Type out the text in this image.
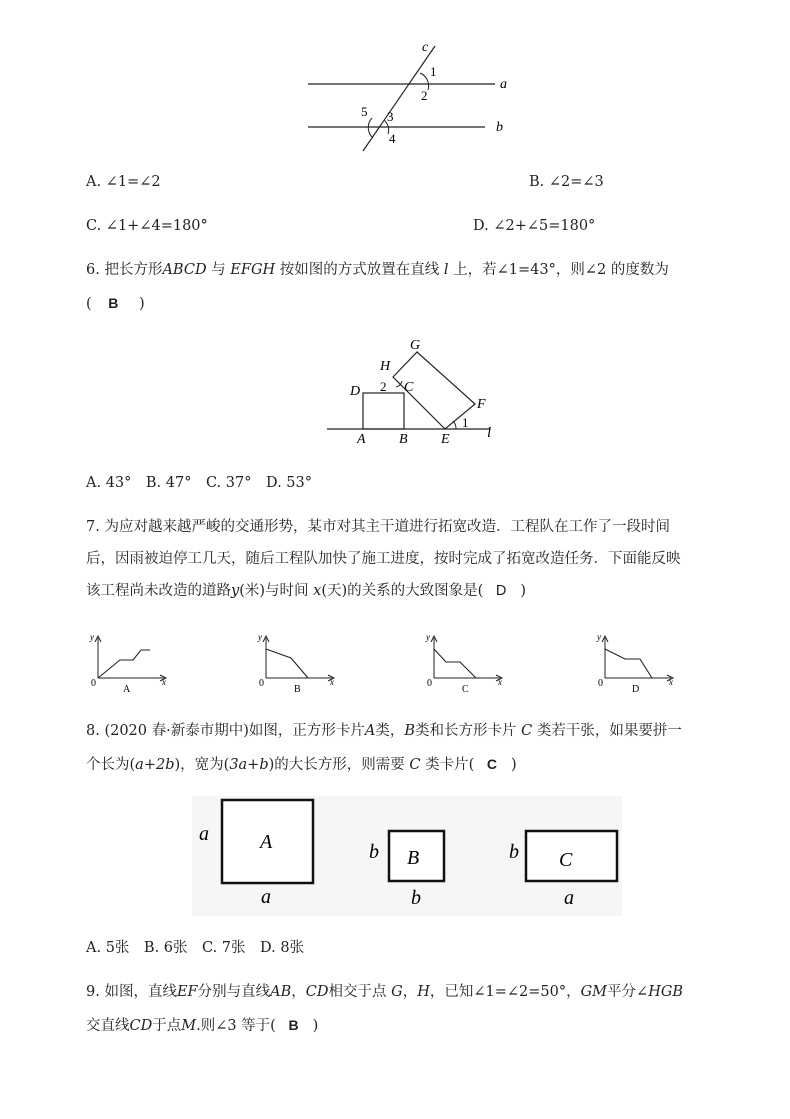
c
a
b
1
2
3
4
5
A. ∠1=∠2	B. ∠2=∠3
C. ∠1+∠4=180°	D. ∠2+∠5=180°
6. 把长方形ABCD 与 EFGH 按如图的方式放置在直线 l 上，若∠1=43°，则∠2 的度数为
( B )
G
H
D 2 C
F
1
A B E l
A. 43°　B. 47°　C. 37°　D. 53°
7. 为应对越来越严峻的交通形势，某市对其主干道进行拓宽改造．工程队在工作了一段时间
后，因雨被迫停工几天，随后工程队加快了施工进度，按时完成了拓宽改造任务．下面能反映
该工程尚未改造的道路y(米)与时间 x(天)的关系的大致图象是( D )
y
x
0
A
y
x
0
B
y
x
0
C
y
x
0
D
8. (2020 春·新泰市期中)如图，正方形卡片A类，B类和长方形卡片 C 类若干张，如果要拼一
个长为(a+2b)，宽为(3a+b)的大长方形，则需要 C 类卡片( C )
A
a
a
B
b
b
C
b
a
A. 5张　B. 6张　C. 7张　D. 8张
9. 如图，直线EF分别与直线AB，CD相交于点 G，H，已知∠1=∠2=50°，GM平分∠HGB
交直线CD于点M.则∠3 等于( B )
